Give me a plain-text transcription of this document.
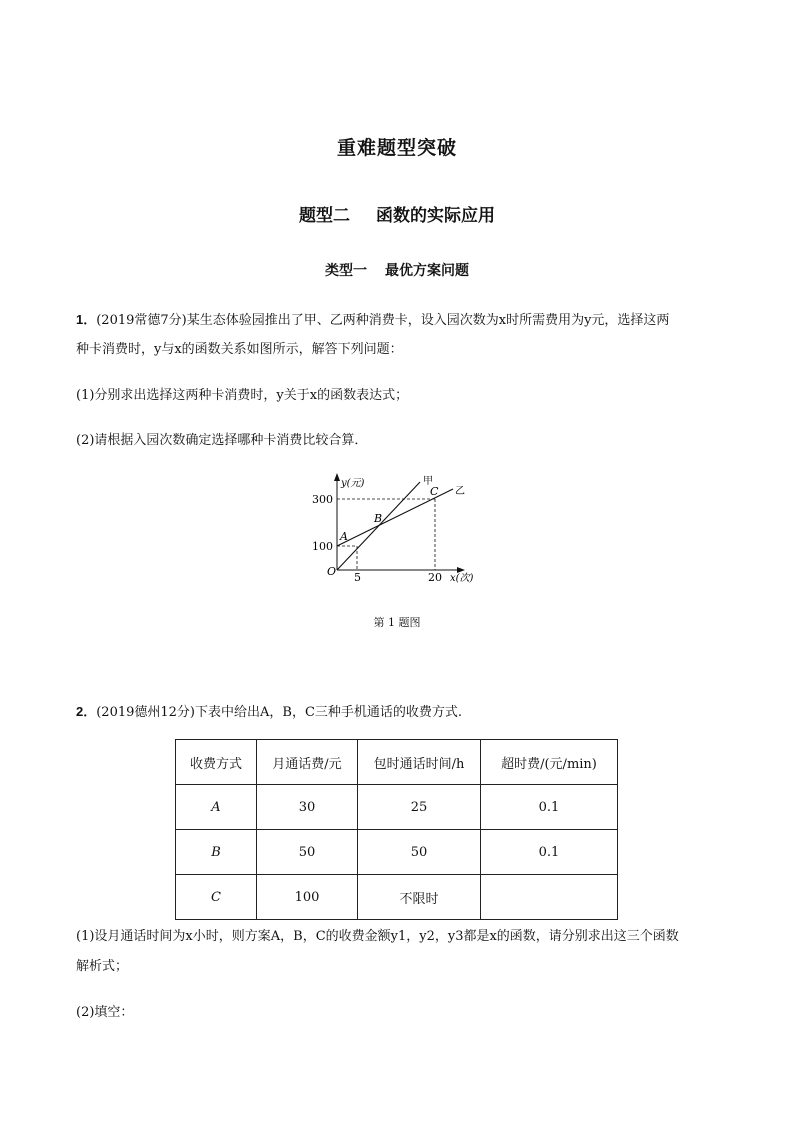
重难题型突破
题型二 函数的实际应用
类型一 最优方案问题
1．(2019常德7分)某生态体验园推出了甲、乙两种消费卡，设入园次数为x时所需费用为y元，选择这两
种卡消费时，y与x的函数关系如图所示，解答下列问题：
(1)分别求出选择这两种卡消费时，y关于x的函数表达式；
(2)请根据入园次数确定选择哪种卡消费比较合算．
y(元)
x(次)
O
300
100
5	20
A
B
C
甲
乙
第 1 题图
2．(2019德州12分)下表中给出A，B，C三种手机通话的收费方式.
收费方式	月通话费/元	包时通话时间/h	超时费/(元/min)
A	30	25	0.1
B	50	50	0.1
C	100	不限时	
(1)设月通话时间为x小时，则方案A，B，C的收费金额y1，y2，y3都是x的函数，请分别求出这三个函数
解析式；
(2)填空：
